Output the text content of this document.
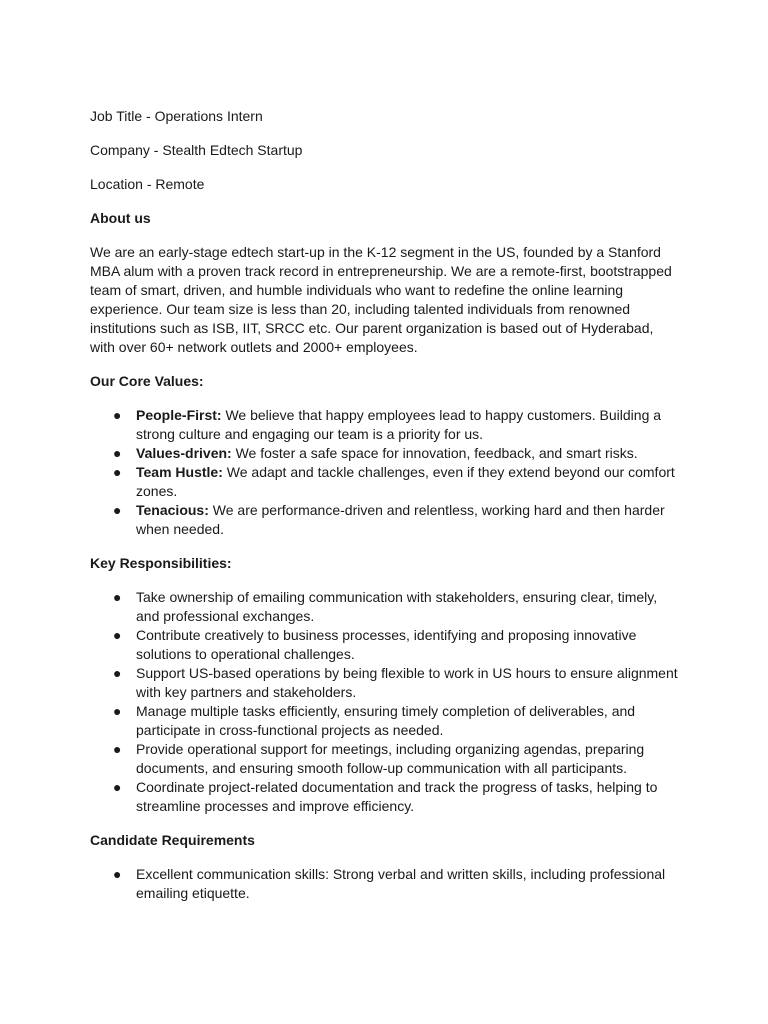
Job Title - Operations Intern

Company - Stealth Edtech Startup

Location - Remote

About us

We are an early-stage edtech start-up in the K-12 segment in the US, founded by a Stanford MBA alum with a proven track record in entrepreneurship. We are a remote-first, bootstrapped team of smart, driven, and humble individuals who want to redefine the online learning experience. Our team size is less than 20, including talented individuals from renowned institutions such as ISB, IIT, SRCC etc. Our parent organization is based out of Hyderabad, with over 60+ network outlets and 2000+ employees.

Our Core Values:

● People-First: We believe that happy employees lead to happy customers. Building a strong culture and engaging our team is a priority for us.
● Values-driven: We foster a safe space for innovation, feedback, and smart risks.
● Team Hustle: We adapt and tackle challenges, even if they extend beyond our comfort zones.
● Tenacious: We are performance-driven and relentless, working hard and then harder when needed.

Key Responsibilities:

● Take ownership of emailing communication with stakeholders, ensuring clear, timely, and professional exchanges.
● Contribute creatively to business processes, identifying and proposing innovative solutions to operational challenges.
● Support US-based operations by being flexible to work in US hours to ensure alignment with key partners and stakeholders.
● Manage multiple tasks efficiently, ensuring timely completion of deliverables, and participate in cross-functional projects as needed.
● Provide operational support for meetings, including organizing agendas, preparing documents, and ensuring smooth follow-up communication with all participants.
● Coordinate project-related documentation and track the progress of tasks, helping to streamline processes and improve efficiency.

Candidate Requirements

● Excellent communication skills: Strong verbal and written skills, including professional emailing etiquette.
